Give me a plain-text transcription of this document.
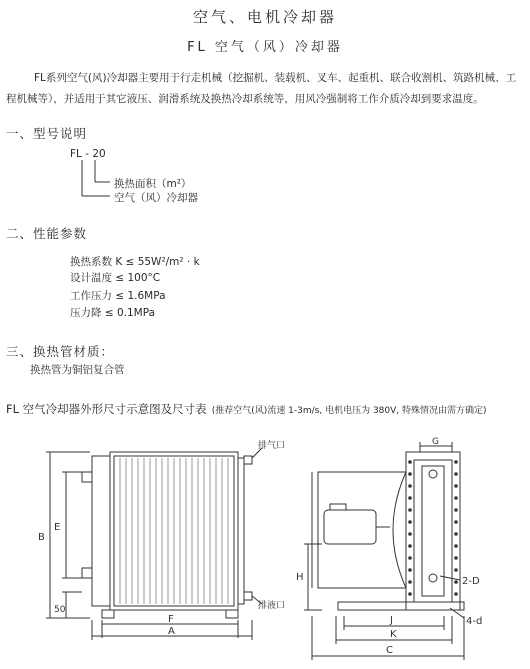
空气、电机冷却器
FL 空气（风）冷却器
FL系列空气(风)冷却器主要用于行走机械（挖掘机、装载机、叉车、起重机、联合收割机、筑路机械、工程机械等），并适用于其它液压、润滑系统及换热冷却系统等，用风冷强制将工作介质冷却到要求温度。
一、型号说明
FL - 20
换热面积（m²）
空气（风）冷却器
二、性能参数
换热系数 K ≤ 55W²/m² · k
设计温度 ≤ 100°C
工作压力 ≤ 1.6MPa
压力降 ≤ 0.1MPa
三、换热管材质：
换热管为铜铝复合管
FL 空气冷却器外形尺寸示意图及尺寸表 (推荐空气(风)流速 1-3m/s, 电机电压为 380V, 特殊情况由需方确定)
排气口
排液口
B
E
50
F
A
G
H	2-D
4-d
J
K
C
